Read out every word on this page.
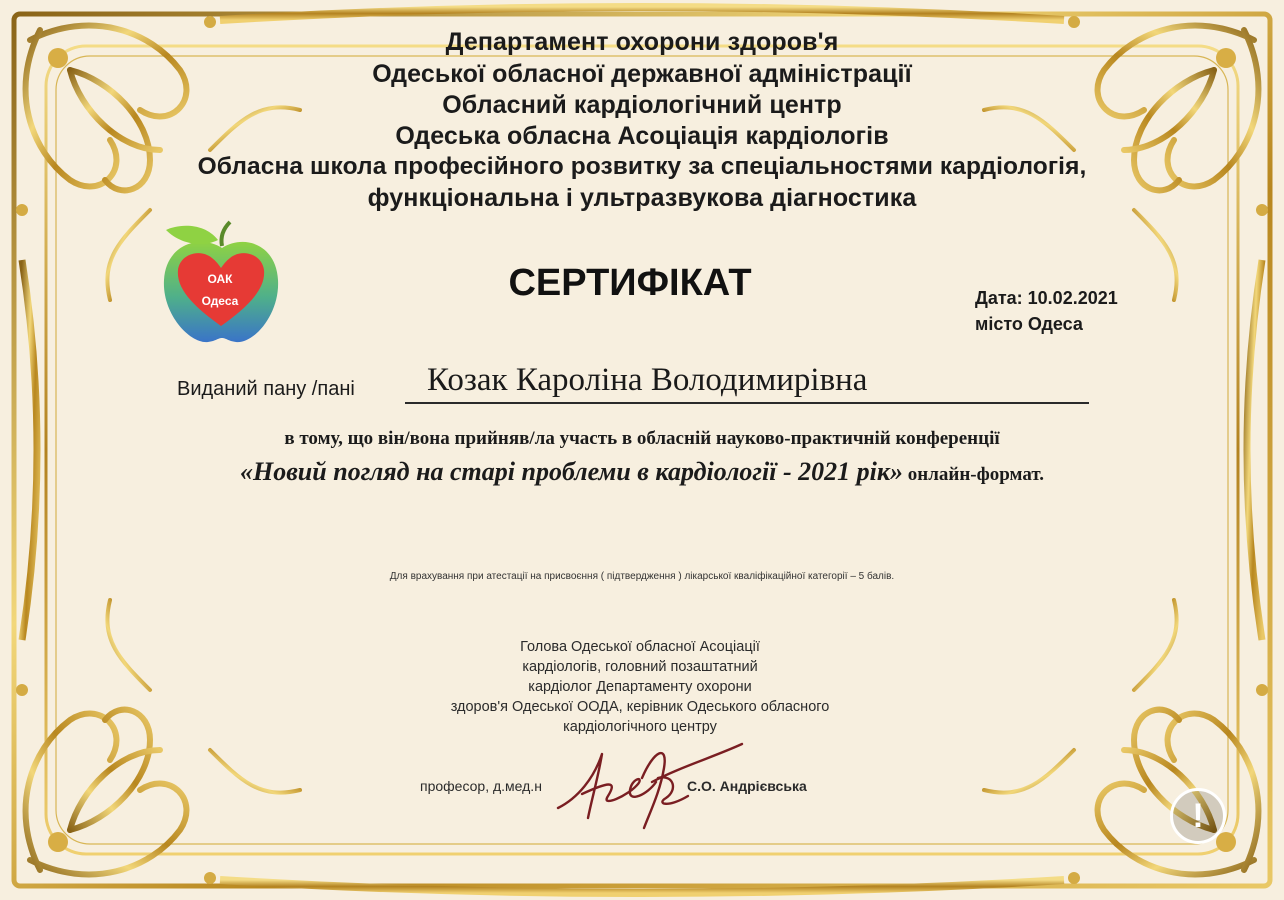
Департамент охорони здоров'я
Одеської обласної державної адміністрації
Обласний кардіологічний центр
Одеська обласна Асоціація кардіологів
Обласна школа професійного розвитку за спеціальностями кардіологія,
функціональна і ультразвукова діагностика
ОАК
Одеса	СЕРТИФІКАТ	Дата: 10.02.2021
місто Одеса
Виданий пану /пані Козак Кароліна Володимирівна
в тому, що він/вона прийняв/ла участь в обласній науково-практичній конференції
«Новий погляд на старі проблеми в кардіології - 2021 рік» онлайн-формат.
Для врахування при атестації на присвоєння ( підтвердження ) лікарської кваліфікаційної категорії – 5 балів.
Голова Одеської обласної Асоціації
кардіологів, головний позаштатний
кардіолог Департаменту охорони
здоров'я Одеської ООДА, керівник Одеського обласного
кардіологічного центру
професор, д.мед.н	С.О. Андрієвська
!
